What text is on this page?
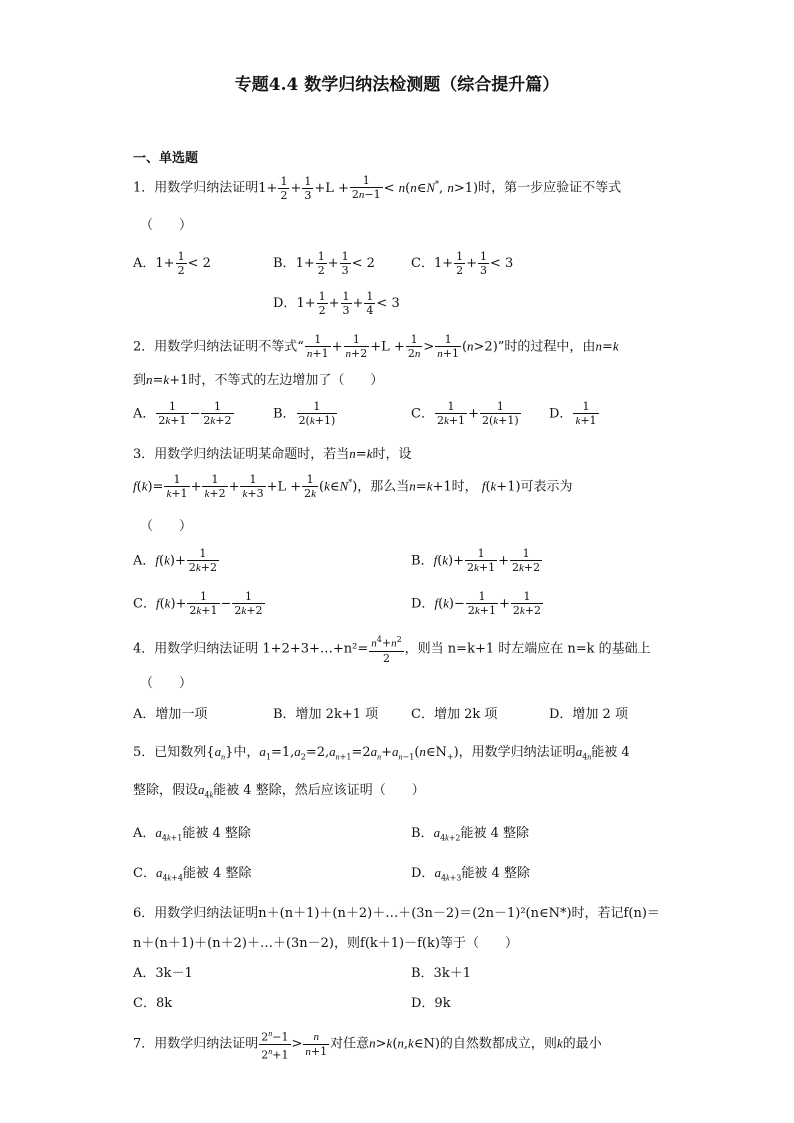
专题4.4 数学归纳法检测题（综合提升篇）
一、单选题
1．用数学归纳法证明$1+ \frac{1}{2} + \frac{1}{3} +L + \frac{1}{2n-1}$ < n(n∈N*, n>1)时，第一步应验证不等式
（　　）
A．$1+ \frac{1}{2} < 2$	B．$1+ \frac{1}{2} + \frac{1}{3} < 2$	C．$1+ \frac{1}{2} + \frac{1}{3} < 3$
D．$1+ \frac{1}{2} + \frac{1}{3} + \frac{1}{4} < 3$
2．用数学归纳法证明不等式“ $\frac{1}{n+1} + \frac{1}{n+2} +L + \frac{1}{2n} > \frac{1}{n+1} (n>2)$”时的过程中，由n=k
到n=k+1时，不等式的左边增加了（　　）
A． $\frac{1}{2k+1} - \frac{1}{2k+2}$	B． $\frac{1}{2(k+1)}$	C． $\frac{1}{2k+1} + \frac{1}{2(k+1)}$ D． $\frac{1}{k+1}$
3．用数学归纳法证明某命题时，若当n=k时，设
$f(k)= \frac{1}{k+1} + \frac{1}{k+2} + \frac{1}{k+3} +L + \frac{1}{2k}$ (k∈N*)，那么当n=k+1时， f(k+1)可表示为
（　　）
A．$f(k)+ \frac{1}{2k+2}$	B．$f(k)+ \frac{1}{2k+1} + \frac{1}{2k+2}$
C．$f(k)+ \frac{1}{2k+1} - \frac{1}{2k+2}$	D．$f(k)- \frac{1}{2k+1} + \frac{1}{2k+2}$
4．用数学归纳法证明 1+2+3+…+n²= $\frac{n^4+n^2}{2}$ ，则当 n=k+1 时左端应在 n=k 的基础上
（　　）
A．增加一项	B．增加 2k+1 项	C．增加 2k 项	D．增加 2 项
5．已知数列$\{a_n\}$中，$a_1=1,a_2=2,a_{n+1}=2a_n+a_{n-1}(n\in N_+)$，用数学归纳法证明$a_{4n}$能被 4
整除，假设$a_{4k}$能被 4 整除，然后应该证明（　　）
A．$a_{4k+1}$能被 4 整除	B．$a_{4k+2}$能被 4 整除
C．$a_{4k+4}$能被 4 整除	D．$a_{4k+3}$能被 4 整除
6．用数学归纳法证明n＋(n＋1)＋(n＋2)＋…＋(3n－2)＝(2n－1)²(n∈N*)时，若记f(n)＝
n＋(n＋1)＋(n＋2)＋…＋(3n－2)，则f(k＋1)－f(k)等于（　　）
A．3k－1	B．3k＋1
C．8k	D．9k
7．用数学归纳法证明 $\frac{2^n-1}{2^n+1} > \frac{n}{n+1}$ 对任意n>k(n,k∈N)的自然数都成立，则k的最小
